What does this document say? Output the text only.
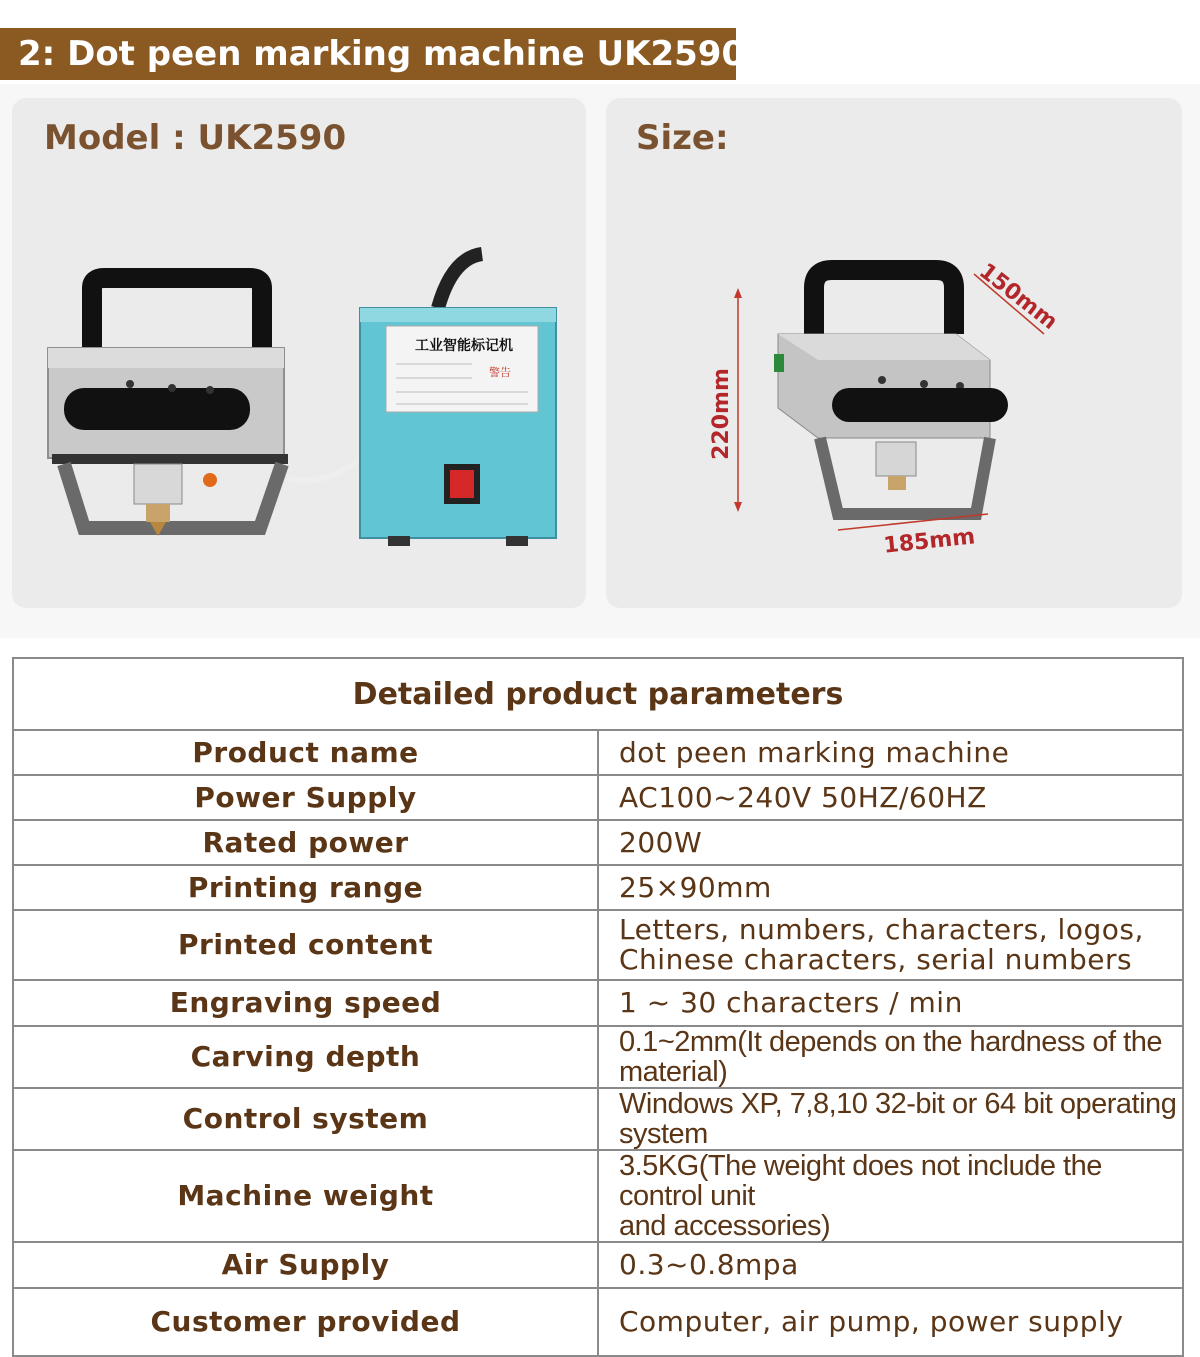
2: Dot peen marking machine UK2590
Model : UK2590
工业智能标记机
警告
Size:
220mm
185mm
150mm
Detailed product parameters	
Product name	dot peen marking machine
Power Supply	AC100~240V 50HZ/60HZ
Rated power	200W
Printing range	25×90mm
Printed content	Letters, numbers, characters, logos,
Chinese characters, serial numbers

Engraving speed	1 ~ 30 characters / min
Carving depth	0.1~2mm(It depends on the hardness of the material)
Control system	Windows XP, 7,8,10 32-bit or 64 bit operating system
Machine weight	3.5KG(The weight does not include the control unit
and accessories)

Air Supply	0.3~0.8mpa
Customer provided	Computer, air pump, power supply
